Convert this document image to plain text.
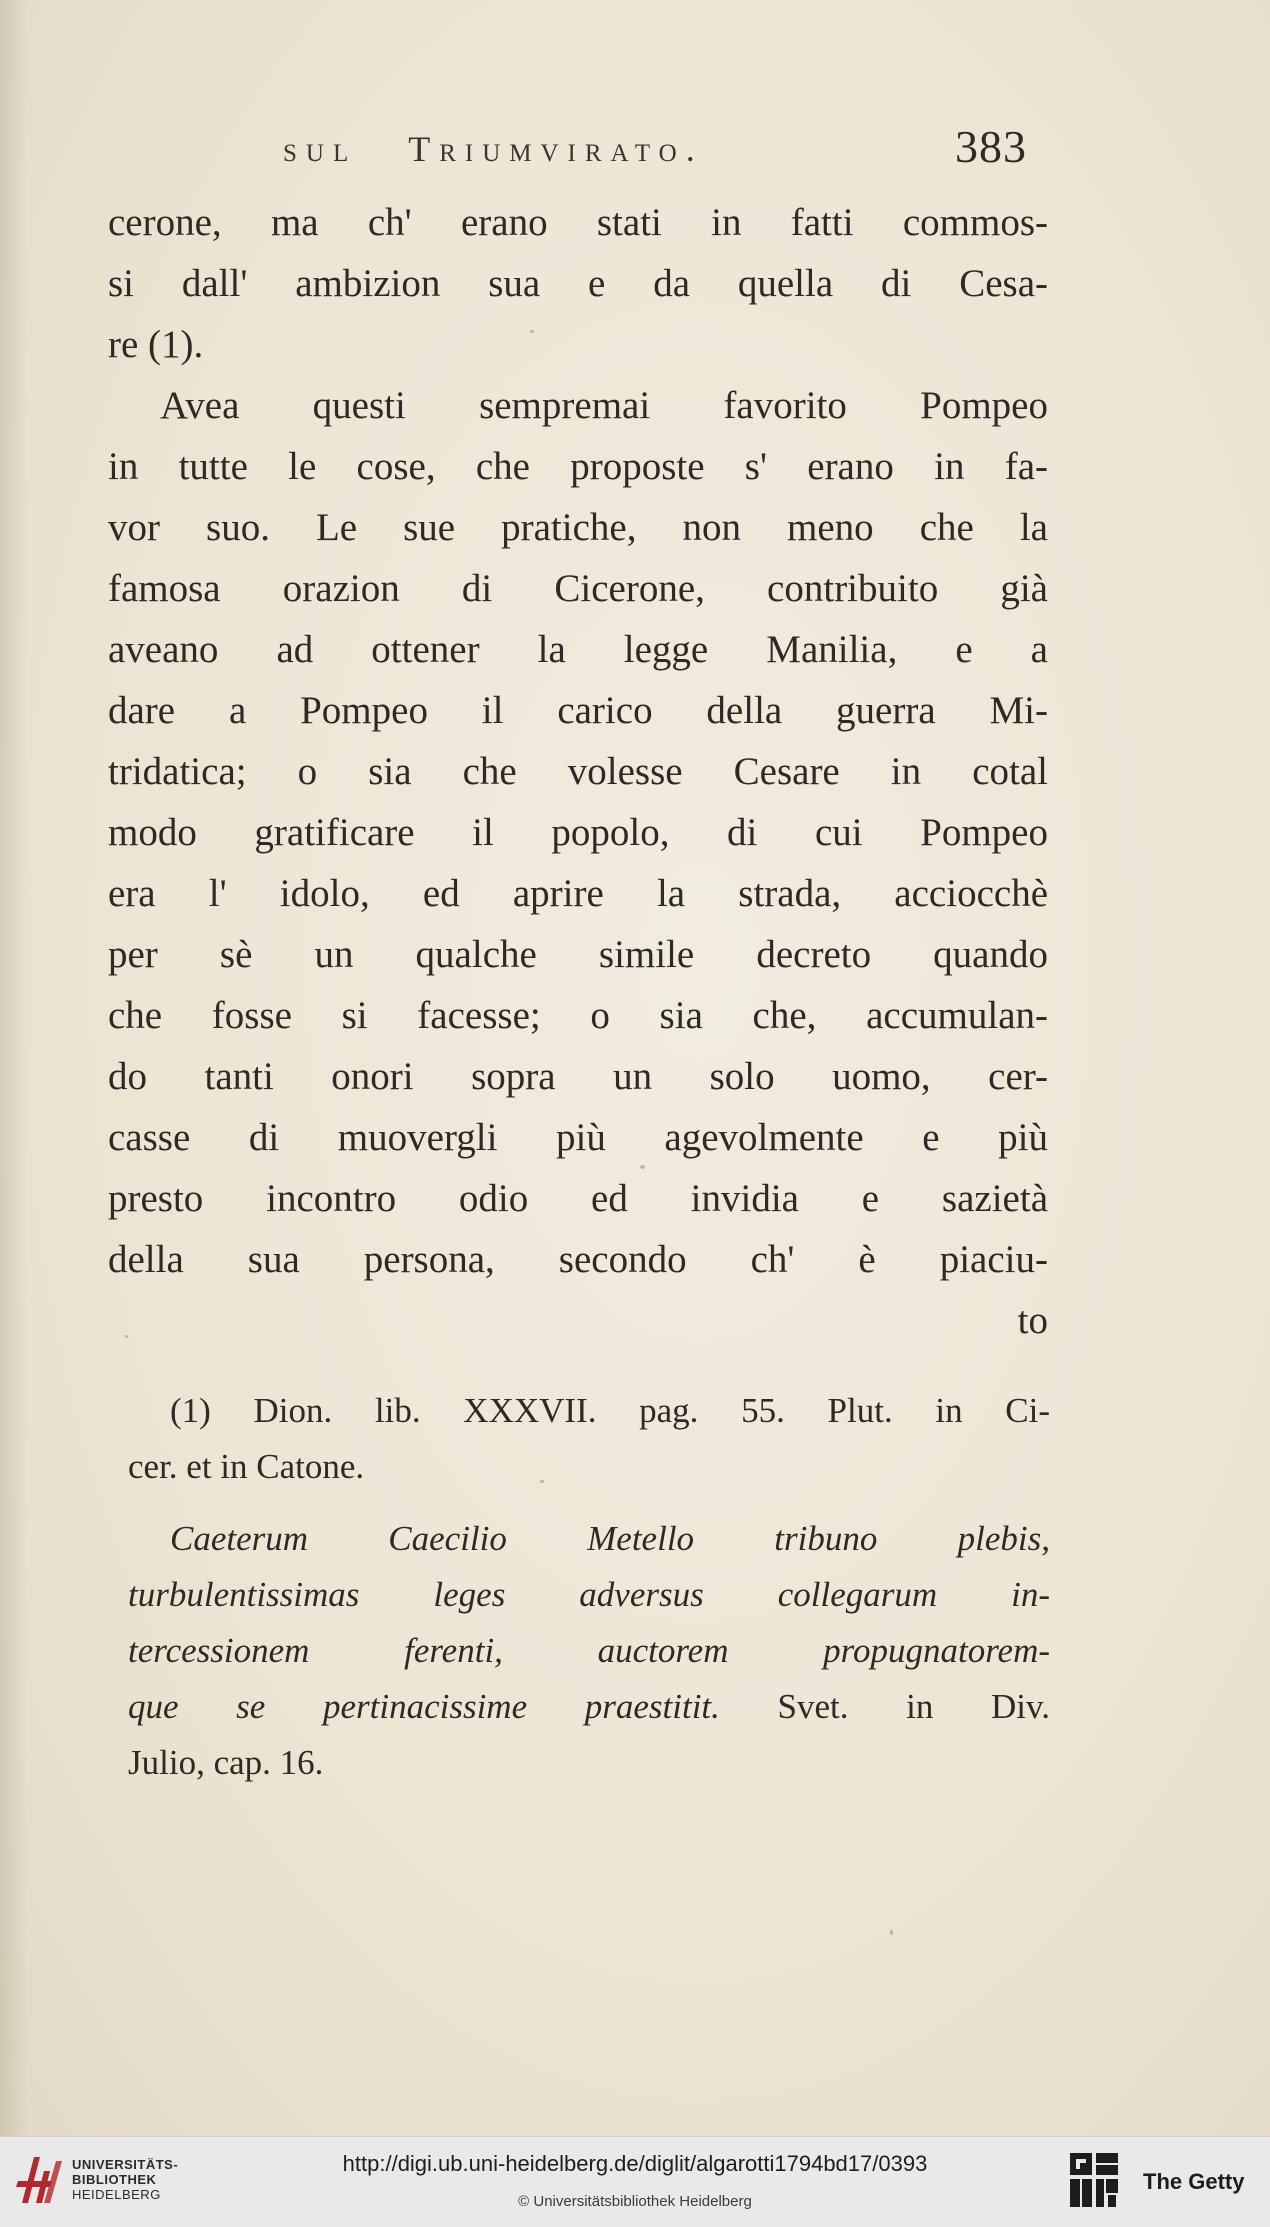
sul Triumvirato.	383
cerone, ma ch' erano stati in fatti commos-
si dall' ambizion sua e da quella di Cesa-
re (1).
Avea questi sempremai favorito Pompeo
in tutte le cose, che proposte s' erano in fa-
vor suo. Le sue pratiche, non meno che la
famosa orazion di Cicerone, contribuito già
aveano ad ottener la legge Manilia, e a
dare a Pompeo il carico della guerra Mi-
tridatica; o sia che volesse Cesare in cotal
modo gratificare il popolo, di cui Pompeo
era l' idolo, ed aprire la strada, acciocchè
per sè un qualche simile decreto quando
che fosse si facesse; o sia che, accumulan-
do tanti onori sopra un solo uomo, cer-
casse di muovergli più agevolmente e più
presto incontro odio ed invidia e sazietà
della sua persona, secondo ch' è piaciu-
to
(1) Dion. lib. XXXVII. pag. 55. Plut. in Ci-
cer. et in Catone.
Caeterum Caecilio Metello tribuno plebis,
turbulentissimas leges adversus collegarum in-
tercessionem ferenti, auctorem propugnatorem-
que se pertinacissime praestitit. Svet. in Div.
Julio, cap. 16.
UNIVERSITÄTS-
BIBLIOTHEK
HEIDELBERG
http://digi.ub.uni-heidelberg.de/diglit/algarotti1794bd17/0393
© Universitätsbibliothek Heidelberg
The Getty
